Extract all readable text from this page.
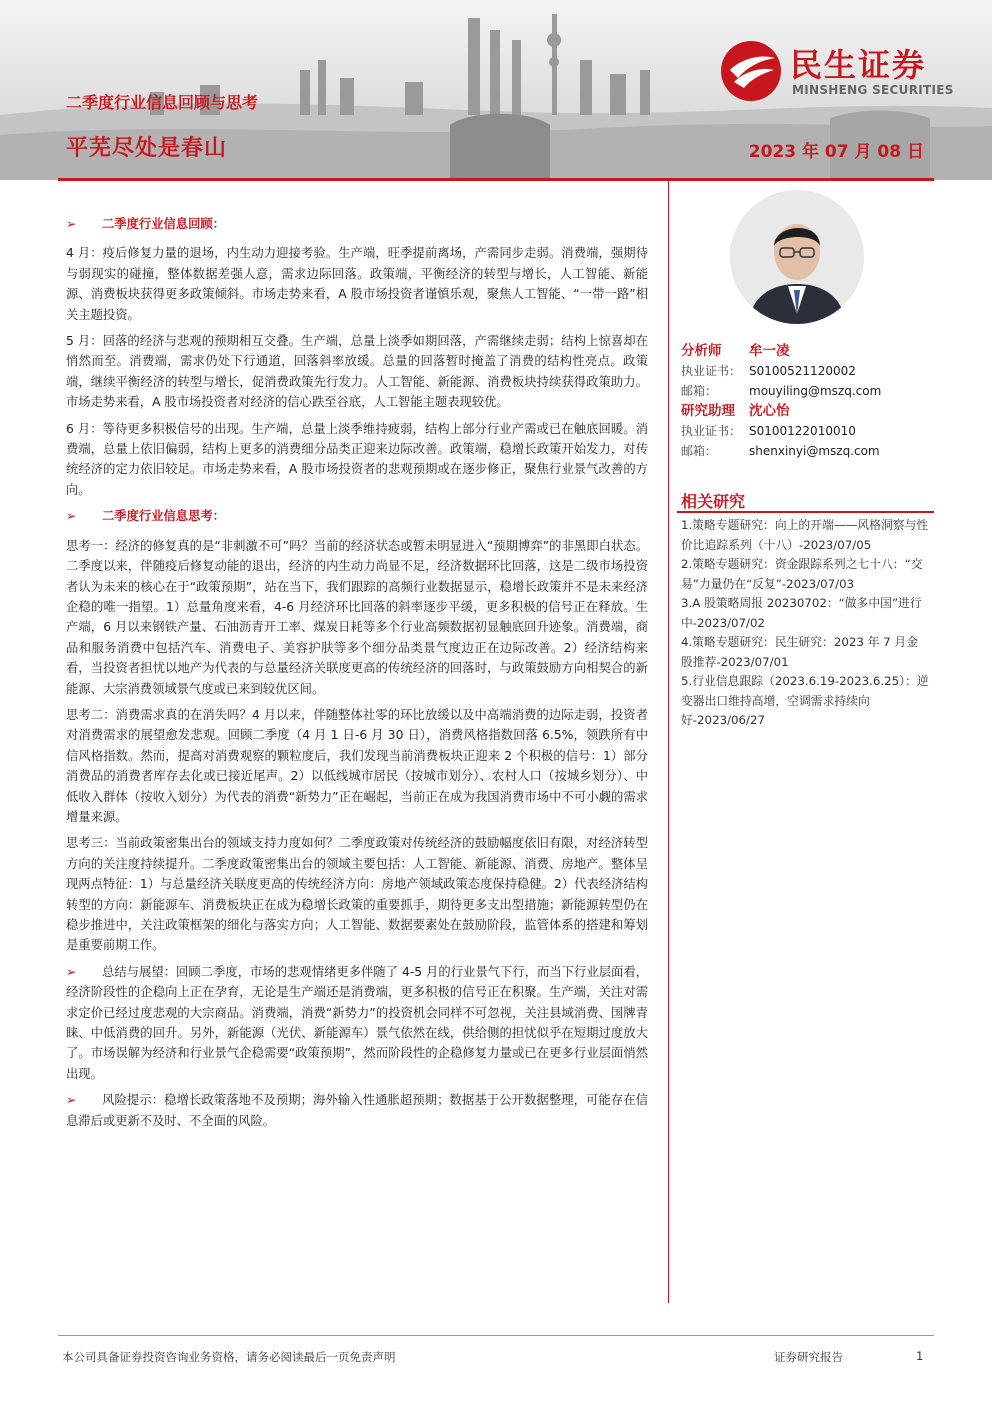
二季度行业信息回顾与思考
平芜尽处是春山	2023 年 07 月 08 日
民生证券
MINSHENG SECURITIES

➢ 二季度行业信息回顾：

4 月：疫后修复力量的退场，内生动力迎接考验。生产端，旺季提前离场，产需同步走弱。消费端，强期待与弱现实的碰撞，整体数据差强人意，需求边际回落。政策端，平衡经济的转型与增长，人工智能、新能源、消费板块获得更多政策倾斜。市场走势来看，A 股市场投资者谨慎乐观，聚焦人工智能、“一带一路”相关主题投资。

5 月：回落的经济与悲观的预期相互交叠。生产端，总量上淡季如期回落，产需继续走弱；结构上惊喜却在悄然而至。消费端，需求仍处下行通道，回落斜率放缓。总量的回落暂时掩盖了消费的结构性亮点。政策端，继续平衡经济的转型与增长，促消费政策先行发力。人工智能、新能源、消费板块持续获得政策助力。市场走势来看，A 股市场投资者对经济的信心跌至谷底，人工智能主题表现较优。

6 月：等待更多积极信号的出现。生产端，总量上淡季维持疲弱，结构上部分行业产需或已在触底回暖。消费端，总量上依旧偏弱，结构上更多的消费细分品类正迎来边际改善。政策端，稳增长政策开始发力，对传统经济的定力依旧较足。市场走势来看，A 股市场投资者的悲观预期或在逐步修正，聚焦行业景气改善的方向。

➢ 二季度行业信息思考：

思考一：经济的修复真的是“非刺激不可”吗？当前的经济状态或暂未明显进入“预期博弈”的非黑即白状态。二季度以来，伴随疫后修复动能的退出，经济的内生动力尚显不足，经济数据环比回落，这是二级市场投资者认为未来的核心在于“政策预期”，站在当下，我们跟踪的高频行业数据显示，稳增长政策并不是未来经济企稳的唯一指望。1）总量角度来看，4-6 月经济环比回落的斜率逐步平缓，更多积极的信号正在释放。生产端，6 月以来钢铁产量、石油沥青开工率、煤炭日耗等多个行业高频数据初显触底回升迹象。消费端，商品和服务消费中包括汽车、消费电子、美容护肤等多个细分品类景气度边正在边际改善。2）经济结构来看，当投资者担忧以地产为代表的与总量经济关联度更高的传统经济的回落时，与政策鼓励方向相契合的新能源、大宗消费领域景气度或已来到较优区间。

思考二：消费需求真的在消失吗？4 月以来，伴随整体社零的环比放缓以及中高端消费的边际走弱，投资者对消费需求的展望愈发悲观。回顾二季度（4 月 1 日-6 月 30 日），消费风格指数回落 6.5%，领跌所有中信风格指数。然而，提高对消费观察的颗粒度后，我们发现当前消费板块正迎来 2 个积极的信号：1）部分消费品的消费者库存去化或已接近尾声。2）以低线城市居民（按城市划分）、农村人口（按城乡划分）、中低收入群体（按收入划分）为代表的消费“新势力”正在崛起，当前正在成为我国消费市场中不可小觑的需求增量来源。

思考三：当前政策密集出台的领域支持力度如何？二季度政策对传统经济的鼓励幅度依旧有限，对经济转型方向的关注度持续提升。二季度政策密集出台的领域主要包括：人工智能、新能源、消费、房地产。整体呈现两点特征：1）与总量经济关联度更高的传统经济方向：房地产领域政策态度保持稳健。2）代表经济结构转型的方向：新能源车、消费板块正在成为稳增长政策的重要抓手，期待更多支出型措施；新能源转型仍在稳步推进中，关注政策框架的细化与落实方向；人工智能、数据要素处在鼓励阶段，监管体系的搭建和筹划是重要前期工作。

➢ 总结与展望：回顾二季度，市场的悲观情绪更多伴随了 4-5 月的行业景气下行，而当下行业层面看，经济阶段性的企稳向上正在孕育，无论是生产端还是消费端，更多积极的信号正在积聚。生产端，关注对需求定价已经过度悲观的大宗商品。消费端，消费“新势力”的投资机会同样不可忽视，关注县域消费、国牌青睐、中低消费的回升。另外，新能源（光伏、新能源车）景气依然在线，供给侧的担忧似乎在短期过度放大了。市场误解为经济和行业景气企稳需要“政策预期”，然而阶段性的企稳修复力量或已在更多行业层面悄然出现。

➢ 风险提示：稳增长政策落地不及预期；海外输入性通胀超预期；数据基于公开数据整理，可能存在信息滞后或更新不及时、不全面的风险。

分析师	牟一凌
执业证书： S0100521120002
邮箱：	mouyiling@mszq.com
研究助理	沈心怡
执业证书： S0100122010010
邮箱：	shenxinyi@mszq.com
相关研究
1.策略专题研究：向上的开端——风格洞察与性价比追踪系列（十八）-2023/07/05
2.策略专题研究：资金跟踪系列之七十八：“交易”力量仍在“反复”-2023/07/03
3.A 股策略周报 20230702：“做多中国”进行中-2023/07/02
4.策略专题研究：民生研究：2023 年 7 月金股推荐-2023/07/01
5.行业信息跟踪（2023.6.19-2023.6.25）：逆变器出口维持高增，空调需求持续向好-2023/06/27
本公司具备证券投资咨询业务资格，请务必阅读最后一页免责声明	证券研究报告	1
